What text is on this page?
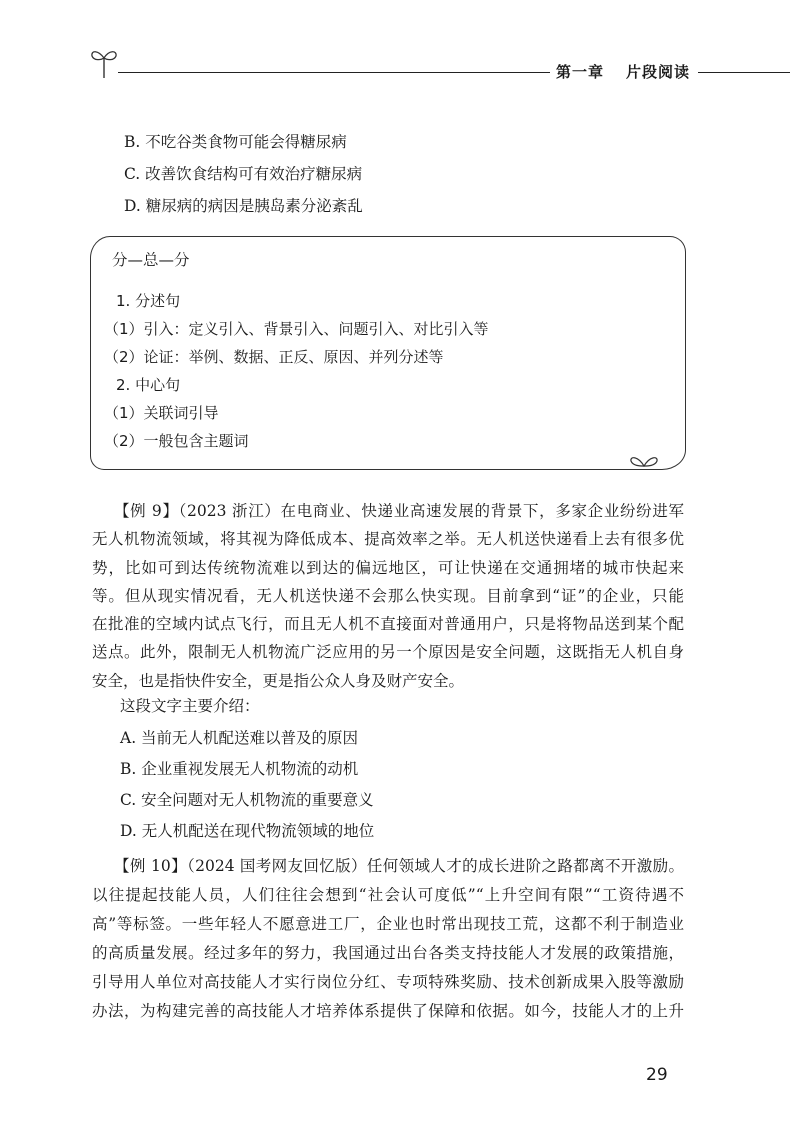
第一章 片段阅读
B. 不吃谷类食物可能会得糖尿病
C. 改善饮食结构可有效治疗糖尿病
D. 糖尿病的病因是胰岛素分泌紊乱
分—总—分
1. 分述句
（1）引入：定义引入、背景引入、问题引入、对比引入等
（2）论证：举例、数据、正反、原因、并列分述等
2. 中心句
（1）关联词引导
（2）一般包含主题词

【例 9】（2023 浙江）在电商业、快递业高速发展的背景下，多家企业纷纷进军

无人机物流领域，将其视为降低成本、提高效率之举。无人机送快递看上去有很多优

势，比如可到达传统物流难以到达的偏远地区，可让快递在交通拥堵的城市快起来

等。但从现实情况看，无人机送快递不会那么快实现。目前拿到“证”的企业，只能

在批准的空域内试点飞行，而且无人机不直接面对普通用户，只是将物品送到某个配

送点。此外，限制无人机物流广泛应用的另一个原因是安全问题，这既指无人机自身

安全，也是指快件安全，更是指公众人身及财产安全。

这段文字主要介绍：
A. 当前无人机配送难以普及的原因
B. 企业重视发展无人机物流的动机
C. 安全问题对无人机物流的重要意义
D. 无人机配送在现代物流领域的地位

【例 10】（2024 国考网友回忆版）任何领域人才的成长进阶之路都离不开激励。

以往提起技能人员，人们往往会想到“社会认可度低”“上升空间有限”“工资待遇不

高”等标签。一些年轻人不愿意进工厂，企业也时常出现技工荒，这都不利于制造业

的高质量发展。经过多年的努力，我国通过出台各类支持技能人才发展的政策措施，

引导用人单位对高技能人才实行岗位分红、专项特殊奖励、技术创新成果入股等激励

办法，为构建完善的高技能人才培养体系提供了保障和依据。如今，技能人才的上升

29
